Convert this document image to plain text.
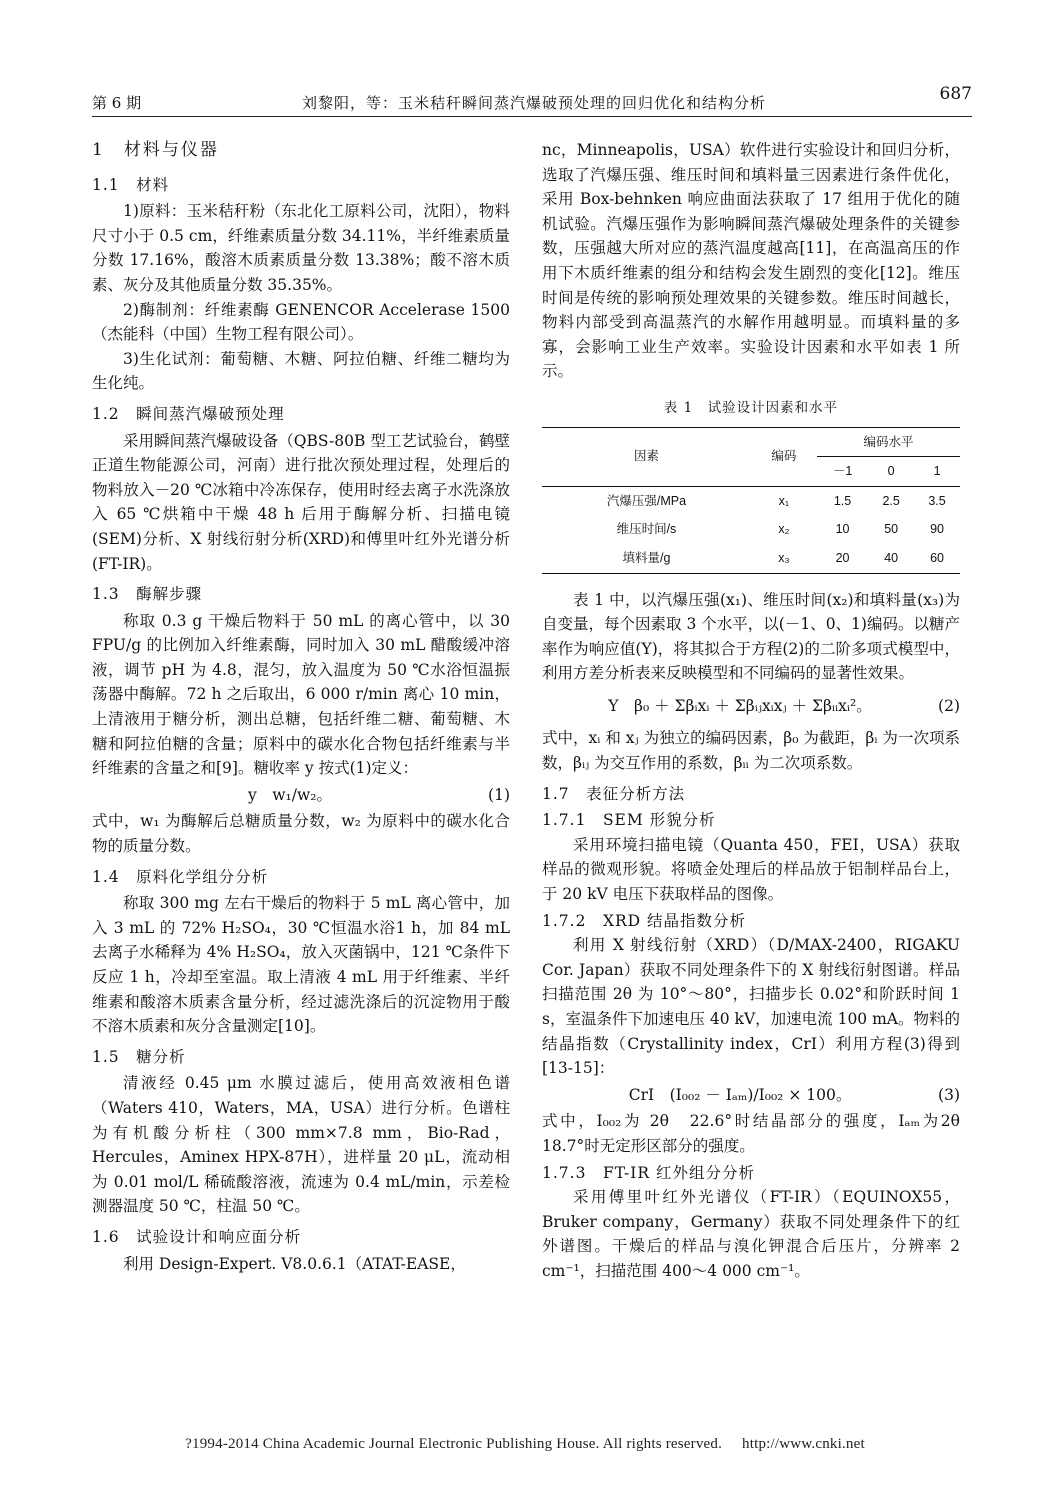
第 6 期	刘黎阳，等：玉米秸秆瞬间蒸汽爆破预处理的回归优化和结构分析	687
1　材料与仪器
1.1　材料

1)原料：玉米秸秆粉（东北化工原料公司，沈阳），物料尺寸小于 0.5 cm，纤维素质量分数 34.11%，半纤维素质量分数 17.16%，酸溶木质素质量分数 13.38%；酸不溶木质素、灰分及其他质量分数 35.35%。

2)酶制剂：纤维素酶 GENENCOR Accelerase 1500（杰能科（中国）生物工程有限公司）。

3)生化试剂：葡萄糖、木糖、阿拉伯糖、纤维二糖均为生化纯。

1.2　瞬间蒸汽爆破预处理

采用瞬间蒸汽爆破设备（QBS-80B 型工艺试验台，鹤壁正道生物能源公司，河南）进行批次预处理过程，处理后的物料放入－20 ℃冰箱中冷冻保存，使用时经去离子水洗涤放入 65 ℃烘箱中干燥 48 h 后用于酶解分析、扫描电镜(SEM)分析、X 射线衍射分析(XRD)和傅里叶红外光谱分析(FT-IR)。

1.3　酶解步骤

称取 0.3 g 干燥后物料于 50 mL 的离心管中，以 30 FPU/g 的比例加入纤维素酶，同时加入 30 mL 醋酸缓冲溶液，调节 pH 为 4.8，混匀，放入温度为 50 ℃水浴恒温振荡器中酶解。72 h 之后取出，6 000 r/min 离心 10 min，上清液用于糖分析，测出总糖，包括纤维二糖、葡萄糖、木糖和阿拉伯糖的含量；原料中的碳水化合物包括纤维素与半纤维素的含量之和[9]。糖收率 y 按式(1)定义：

y　w₁/w₂。	(1)

式中，w₁ 为酶解后总糖质量分数，w₂ 为原料中的碳水化合物的质量分数。

1.4　原料化学组分分析

称取 300 mg 左右干燥后的物料于 5 mL 离心管中，加入 3 mL 的 72% H₂SO₄，30 ℃恒温水浴1 h，加 84 mL 去离子水稀释为 4% H₂SO₄，放入灭菌锅中，121 ℃条件下反应 1 h，冷却至室温。取上清液 4 mL 用于纤维素、半纤维素和酸溶木质素含量分析，经过滤洗涤后的沉淀物用于酸不溶木质素和灰分含量测定[10]。

1.5　糖分析

清液经 0.45 μm 水膜过滤后，使用高效液相色谱（Waters 410，Waters，MA，USA）进行分析。色谱柱为有机酸分析柱（300 mm×7.8 mm，Bio-Rad，Hercules，Aminex HPX-87H），进样量 20 μL，流动相为 0.01 mol/L 稀硫酸溶液，流速为 0.4 mL/min，示差检测器温度 50 ℃，柱温 50 ℃。

1.6　试验设计和响应面分析

利用 Design-Expert. V8.0.6.1（ATAT-EASE，

nc，Minneapolis，USA）软件进行实验设计和回归分析，选取了汽爆压强、维压时间和填料量三因素进行条件优化，采用 Box-behnken 响应曲面法获取了 17 组用于优化的随机试验。汽爆压强作为影响瞬间蒸汽爆破处理条件的关键参数，压强越大所对应的蒸汽温度越高[11]，在高温高压的作用下木质纤维素的组分和结构会发生剧烈的变化[12]。维压时间是传统的影响预处理效果的关键参数。维压时间越长，物料内部受到高温蒸汽的水解作用越明显。而填料量的多寡，会影响工业生产效率。实验设计因素和水平如表 1 所示。

表 1　试验设计因素和水平
因素	编码	编码水平		
		－1	0	1
汽爆压强/MPa	x₁	1.5	2.5	3.5
维压时间/s	x₂	10	50	90
填料量/g	x₃	20	40	60

表 1 中，以汽爆压强(x₁)、维压时间(x₂)和填料量(x₃)为自变量，每个因素取 3 个水平，以(－1、0、1)编码。以糖产率作为响应值(Y)，将其拟合于方程(2)的二阶多项式模型中，利用方差分析表来反映模型和不同编码的显著性效果。

Y　β₀ ＋ Σβᵢxᵢ ＋ Σβᵢⱼxᵢxⱼ ＋ Σβᵢᵢxᵢ²。	(2)

式中，xᵢ 和 xⱼ 为独立的编码因素，β₀ 为截距，βᵢ 为一次项系数，βᵢⱼ 为交互作用的系数，βᵢᵢ 为二次项系数。

1.7　表征分析方法
1.7.1　SEM 形貌分析

采用环境扫描电镜（Quanta 450，FEI，USA）获取样品的微观形貌。将喷金处理后的样品放于铝制样品台上，于 20 kV 电压下获取样品的图像。

1.7.2　XRD 结晶指数分析

利用 X 射线衍射（XRD）（D/MAX-2400，RIGAKU Cor. Japan）获取不同处理条件下的 X 射线衍射图谱。样品扫描范围 2θ 为 10°～80°，扫描步长 0.02°和阶跃时间 1 s，室温条件下加速电压 40 kV，加速电流 100 mA。物料的结晶指数（Crystallinity index，CrI）利用方程(3)得到[13-15]：

CrI　(I₀₀₂ － Iₐₘ)/I₀₀₂ × 100。	(3)

式中，I₀₀₂为 2θ　22.6°时结晶部分的强度，Iₐₘ为2θ　18.7°时无定形区部分的强度。

1.7.3　FT-IR 红外组分分析

采用傅里叶红外光谱仪（FT-IR）（EQUINOX55，Bruker company，Germany）获取不同处理条件下的红外谱图。干燥后的样品与溴化钾混合后压片，分辨率 2 cm⁻¹，扫描范围 400～4 000 cm⁻¹。

?1994-2014 China Academic Journal Electronic Publishing House. All rights reserved. http://www.cnki.net
